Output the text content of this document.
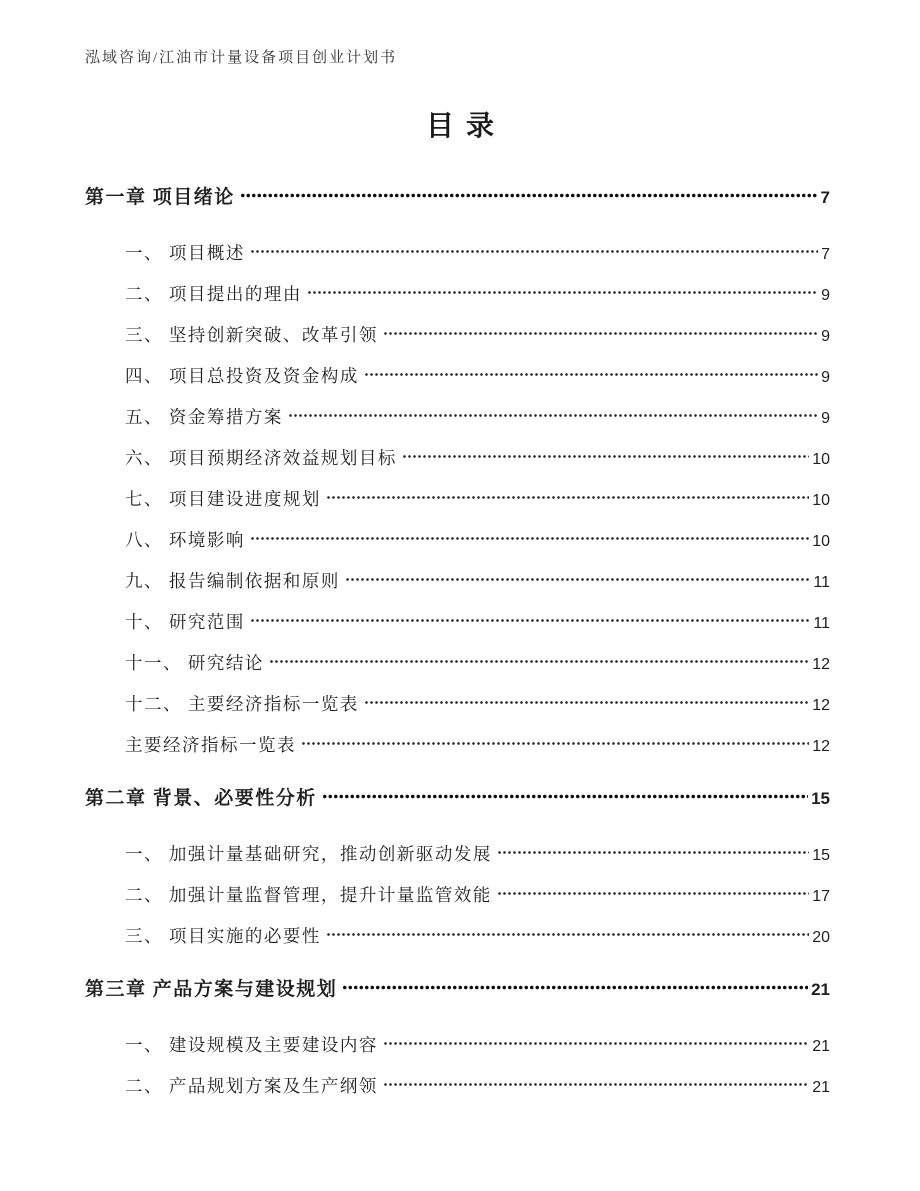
泓域咨询/江油市计量设备项目创业计划书
目录
第一章 项目绪论	7
一、 项目概述	7
二、 项目提出的理由	9
三、 坚持创新突破、改革引领	9
四、 项目总投资及资金构成	9
五、 资金筹措方案	9
六、 项目预期经济效益规划目标	10
七、 项目建设进度规划	10
八、 环境影响	10
九、 报告编制依据和原则	11
十、 研究范围	11
十一、 研究结论	12
十二、 主要经济指标一览表	12
主要经济指标一览表	12
第二章 背景、必要性分析	15
一、 加强计量基础研究，推动创新驱动发展	15
二、 加强计量监督管理，提升计量监管效能	17
三、 项目实施的必要性	20
第三章 产品方案与建设规划	21
一、 建设规模及主要建设内容	21
二、 产品规划方案及生产纲领	21
